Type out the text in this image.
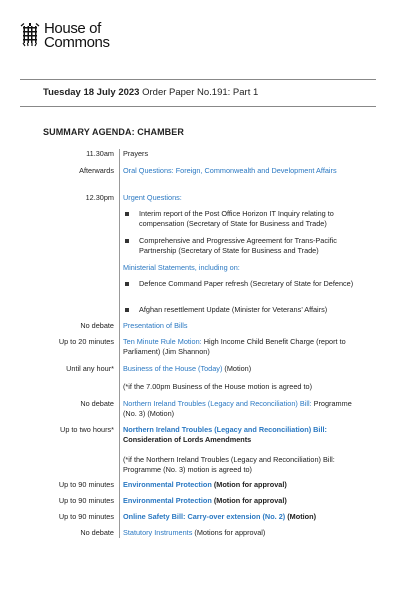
House of
Commons
Tuesday 18 July 2023 Order Paper No.191: Part 1
SUMMARY AGENDA: CHAMBER
11.30am Prayers
Afterwards Oral Questions: Foreign, Commonwealth and Development Affairs
12.30pm Urgent Questions:
Interim report of the Post Office Horizon IT Inquiry relating to compensation (Secretary of State for Business and Trade)
Comprehensive and Progressive Agreement for Trans-Pacific Partnership (Secretary of State for Business and Trade)
Ministerial Statements, including on:
Defence Command Paper refresh (Secretary of State for Defence)
Afghan resettlement Update (Minister for Veterans’ Affairs)
No debate Presentation of Bills
Up to 20 minutes Ten Minute Rule Motion: High Income Child Benefit Charge (report to Parliament) (Jim Shannon)
Until any hour* Business of the House (Today) (Motion)
(*if the 7.00pm Business of the House motion is agreed to)
No debate Northern Ireland Troubles (Legacy and Reconciliation) Bill: Programme (No. 3) (Motion)
Up to two hours* Northern Ireland Troubles (Legacy and Reconciliation) Bill: Consideration of Lords Amendments
(*if the Northern Ireland Troubles (Legacy and Reconciliation) Bill: Programme (No. 3) motion is agreed to)
Up to 90 minutes Environmental Protection (Motion for approval)
Up to 90 minutes Environmental Protection (Motion for approval)
Up to 90 minutes Online Safety Bill: Carry-over extension (No. 2) (Motion)
No debate Statutory Instruments (Motions for approval)
